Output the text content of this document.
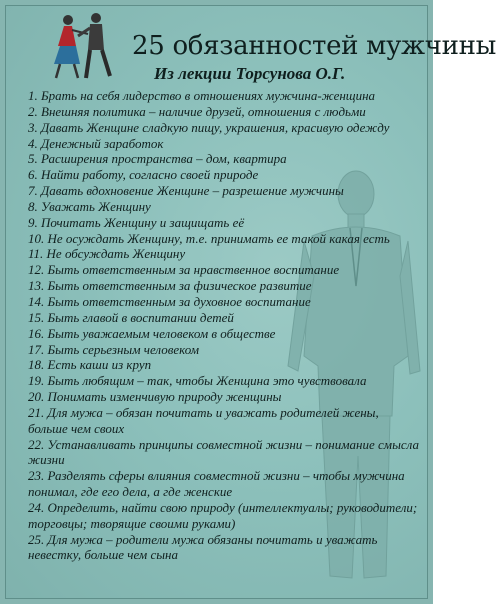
25 обязанностей мужчины
Из лекции Торсунова О.Г.
1. Брать на себя лидерство в отношениях мужчина-женщина
2. Внешняя политика – наличие друзей, отношения с людьми
3. Давать Женщине сладкую пищу, украшения, красивую одежду
4. Денежный заработок
5. Расширения пространства – дом, квартира
6. Найти работу, согласно своей природе
7. Давать вдохновение Женщине – разрешение мужчины
8. Уважать Женщину
9. Почитать Женщину и защищать её
10. Не осуждать Женщину, т.е. принимать ее такой какая есть
11. Не обсуждать Женщину
12. Быть ответственным за нравственное воспитание
13. Быть ответственным за физическое развитие
14. Быть ответственным за духовное воспитание
15. Быть главой в воспитании детей
16. Быть уважаемым человеком в обществе
17. Быть серьезным человеком
18. Есть каши из круп
19. Быть любящим – так, чтобы Женщина это чувствовала
20. Понимать изменчивую природу женщины
21. Для мужа – обязан почитать и уважать родителей жены, больше чем своих
22. Устанавливать принципы совместной жизни – понимание смысла жизни
23. Разделять сферы влияния совместной жизни – чтобы мужчина понимал, где его дела, а где женские
24. Определить, найти свою природу (интеллектуалы; руководители; торговцы; творящие своими руками)
25. Для мужа – родители мужа обязаны почитать и уважать невестку, больше чем сына
